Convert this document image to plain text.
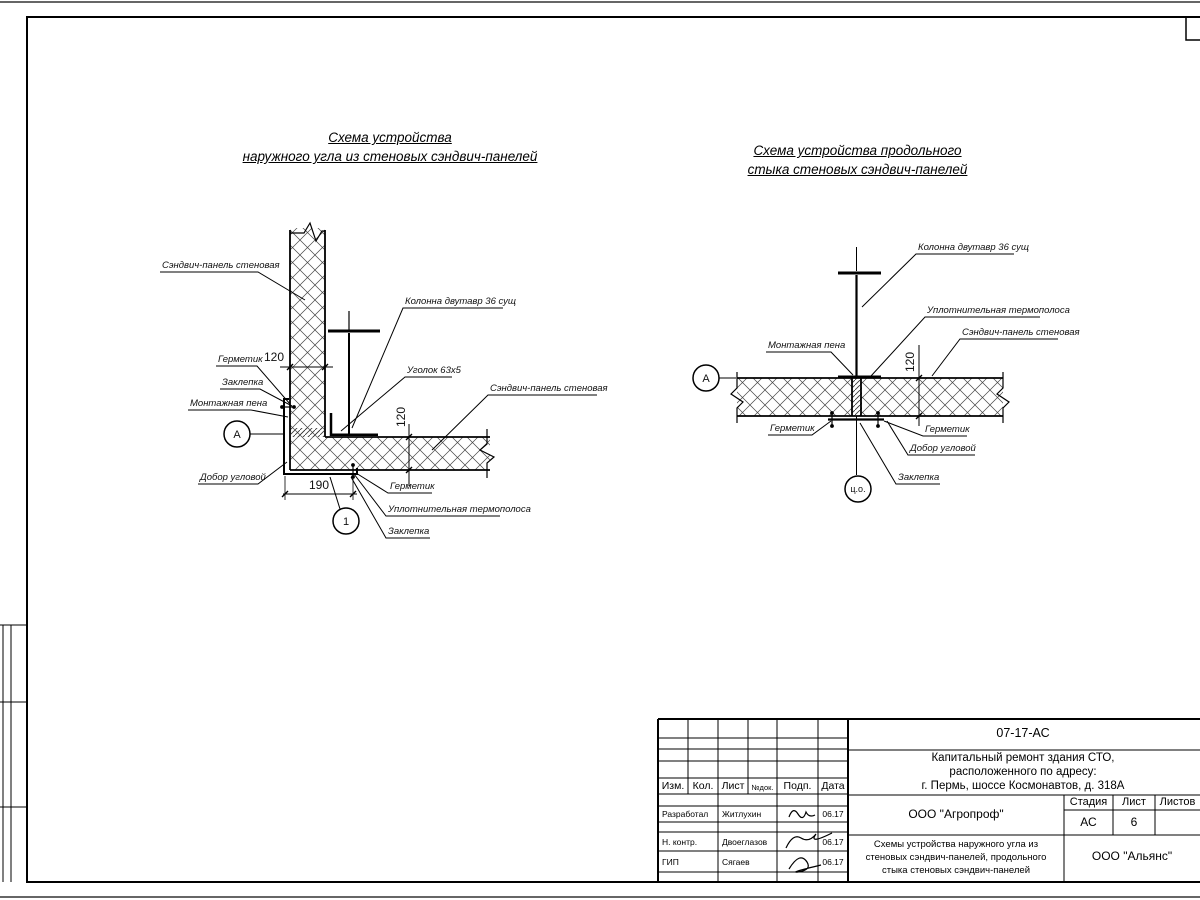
Сэндвич-панель стеновая
Колонна двутавр 36 сущ
Герметик
Заклепка
Монтажная пена
Добор угловой
Уголок 63х5
Сэндвич-панель стеновая
Герметик
Уплотнительная термополоса
Заклепка
120
120
190
А
1
Колонна двутавр 36 сущ
Уплотнительная термополоса
Сэндвич-панель стеновая
Монтажная пена
Герметик	Герметик
Добор угловой
Заклепка
120
А
ц.о.
Схема устройства
наружного угла из стеновых сэндвич-панелей	Схема устройства продольного
стыка стеновых сэндвич-панелей
07-17-АС
Капитальный ремонт здания СТО,
расположенного по адресу:
г. Пермь, шоссе Космонавтов, д. 318А
ООО "Агропроф"
Схемы устройства наружного угла из
стеновых сэндвич-панелей, продольного
стыка стеновых сэндвич-панелей
ООО "Альянс"
Стадия	Лист	Листов
АС	6
Изм. Кол. Лист №док. Подп. Дата
Разработал Житлухин	06.17
Н. контр.	Двоеглазов	06.17
ГИП	Сягаев	06.17
